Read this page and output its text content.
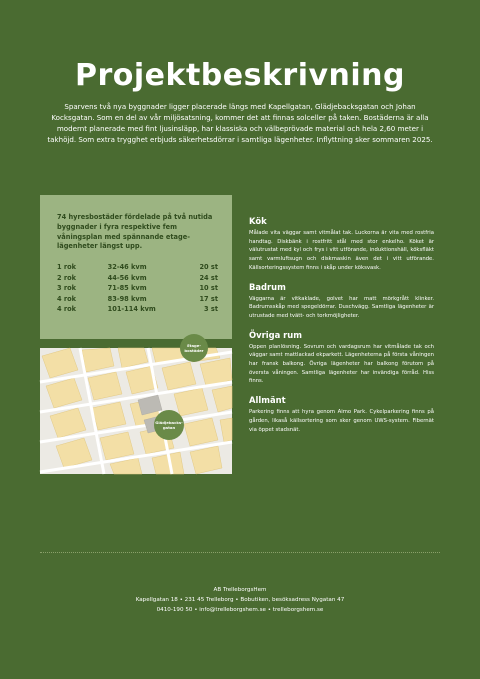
Projektbeskrivning

Sparvens två nya byggnader ligger placerade längs med Kapellgatan, Glädjebacksgatan och Johan Kocksgatan. Som en del av vår miljösatsning, kommer det att finnas solceller på taken. Bostäderna är alla modernt planerade med fint ljusinsläpp, har klassiska och välbeprövade material och hela 2,60 meter i takhöjd. Som extra trygghet erbjuds säkerhetsdörrar i samtliga lägenheter. Inflyttning sker sommaren 2025.

74 hyresbostäder fördelade på två nutida byggnader i fyra respektive fem våningsplan med spännande etage-lägenheter längst upp.

1 rok	32-46 kvm	20 st
2 rok	44-56 kvm	24 st
3 rok	71-85 kvm	10 st
4 rok	83-98 kvm	17 st
4 rok	101-114 kvm	3 st
Etage-bostäder
Glädjebacks-gatan
Kök

Målade vita väggar samt vitmålat tak. Luckorna är vita med rostfria handtag. Diskbänk i rostfritt stål med stor enkelho. Köket är välutrustat med kyl och frys i vitt utförande, induktionshäll, köksfläkt samt varmluftsugn och diskmaskin även det i vitt utförande. Källsorteringssystem finns i skåp under köksvask.

Badrum

Väggarna är vitkaklade, golvet har matt mörkgrått klinker. Badrumsskåp med spegeldörrar. Duschvägg. Samtliga lägenheter är utrustade med tvätt- och torkmöjligheter.

Övriga rum

Oppen planlösning. Sovrum och vardagsrum har vitmålade tak och väggar samt mattlackad ekparkett. Lägenheterna på första våningen har fransk balkong. Övriga lägenheter har balkong förutom på översta våningen. Samtliga lägenheter har invändiga förråd. Hiss finns.

Allmänt

Parkering finns att hyra genom Aimo Park. Cykelparkering finns på gården, likaså källsortering som sker genom UWS-system. Fibernät via öppet stadsnät.

AB TrelleborgsHem
Kapellgatan 18 • 231 45 Trelleborg • Bobutiken, besöksadress Nygatan 47
0410-190 50 • info@trelleborgshem.se • trelleborgshem.se
